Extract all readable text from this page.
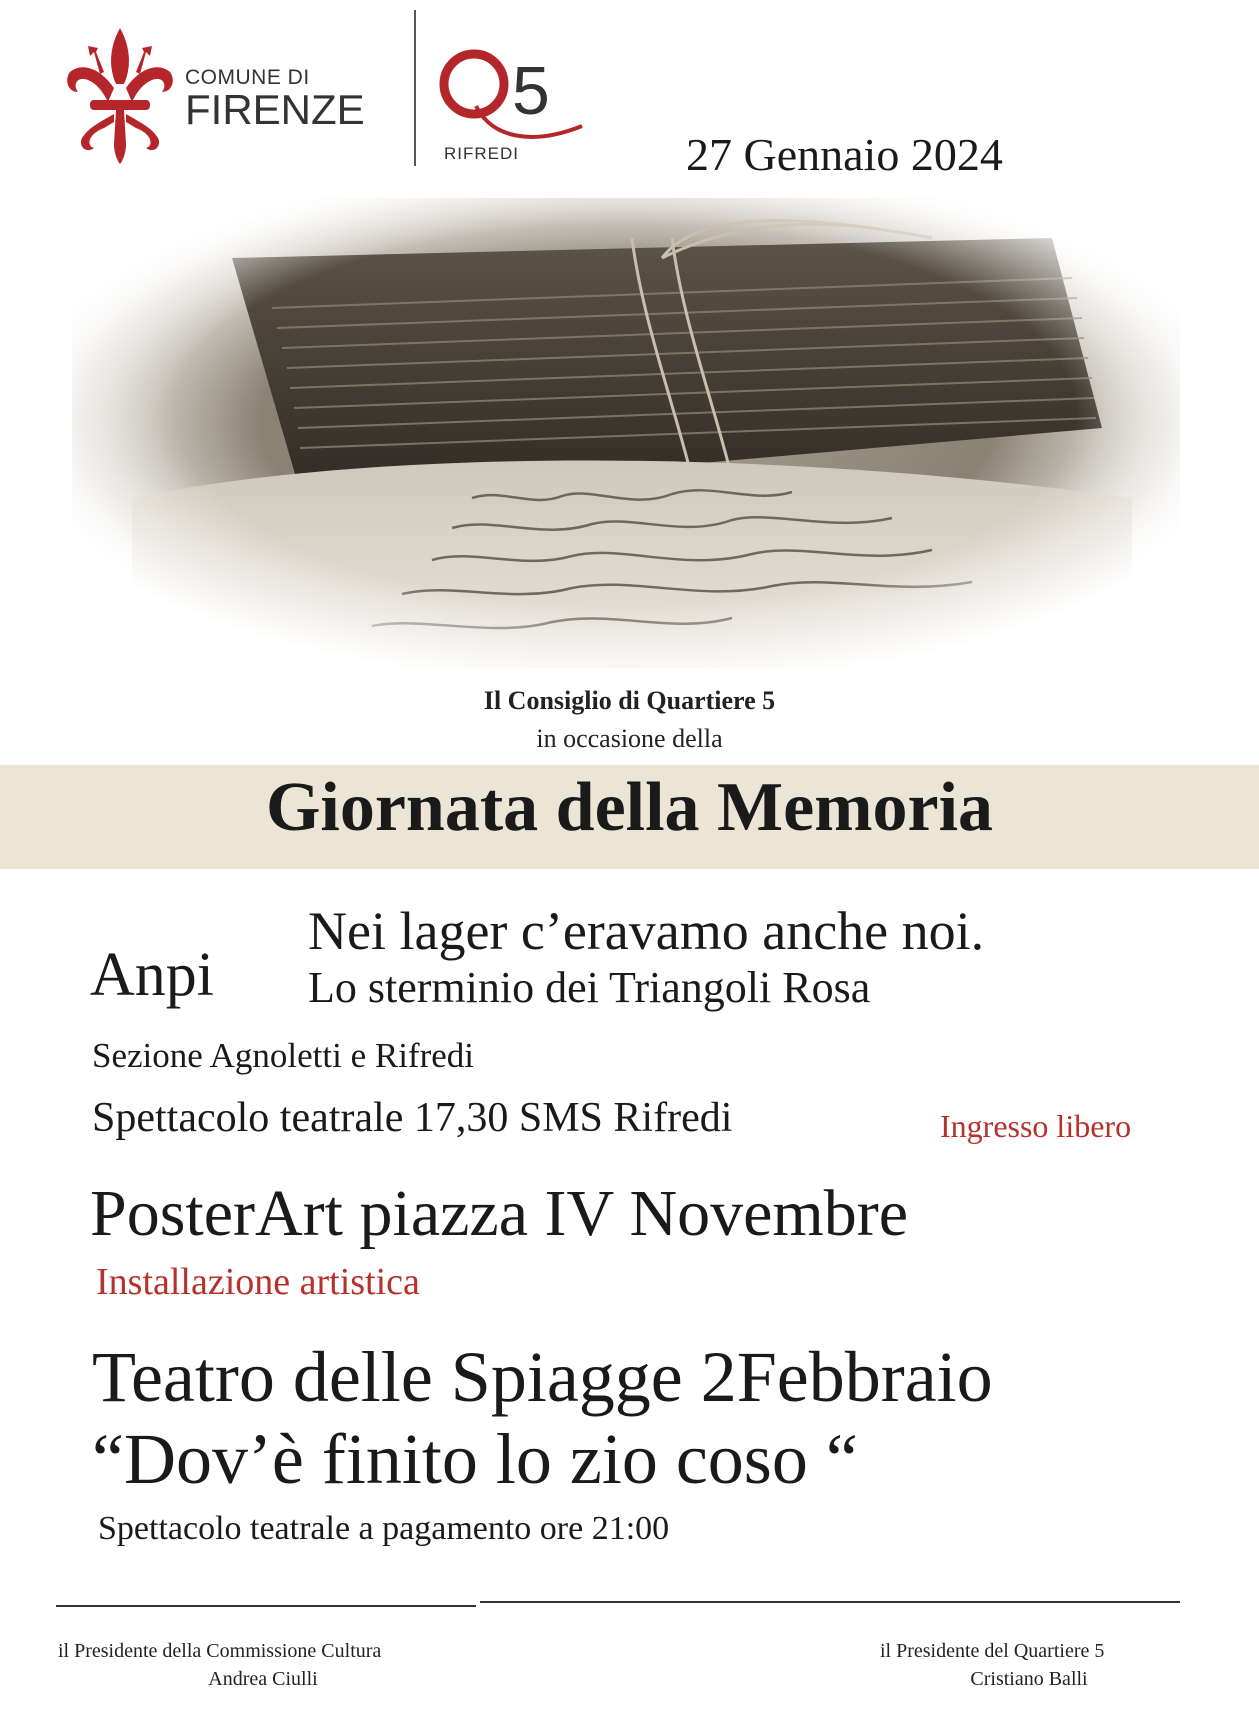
COMUNE DI
FIRENZE	5
RIFREDI	27 Gennaio 2024
Il Consiglio di Quartiere 5
in occasione della
Giornata della Memoria
Anpi
Nei lager c’eravamo anche noi.
Lo sterminio dei Triangoli Rosa
Sezione Agnoletti e Rifredi
Spettacolo teatrale 17,30 SMS Rifredi	Ingresso libero
PosterArt piazza IV Novembre
Installazione artistica
Teatro delle Spiagge 2Febbraio
“Dov’è finito lo zio coso “
Spettacolo teatrale a pagamento ore 21:00
il Presidente della Commissione Cultura
Andrea Ciulli
il Presidente del Quartiere 5
Cristiano Balli
